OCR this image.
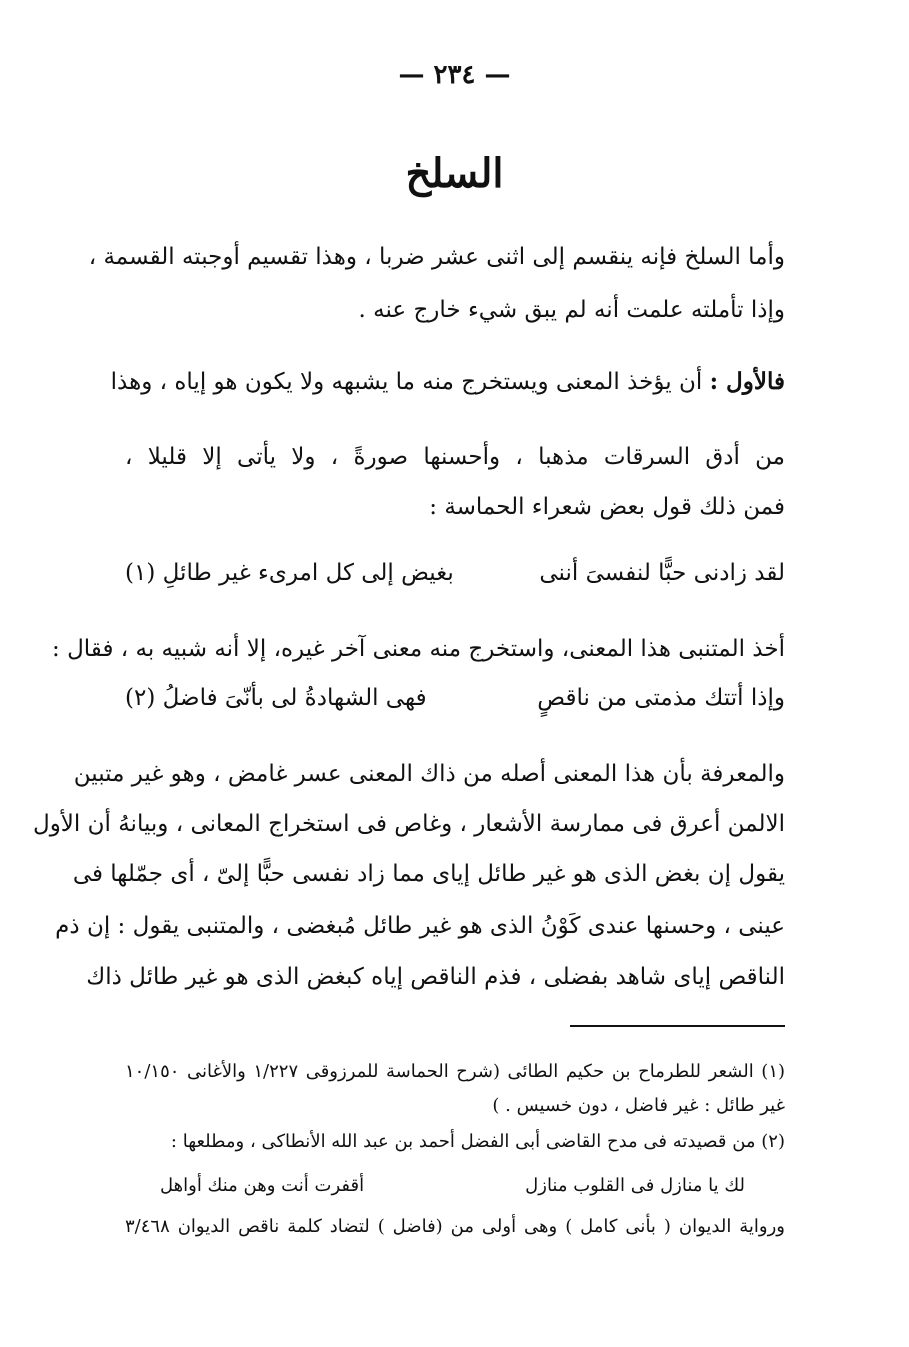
— ٢٣٤ —
السلخ
وأما السلخ فإنه ينقسم إلى اثنى عشر ضربا ، وهذا تقسيم أوجبته القسمة ،
وإذا تأملته علمت أنه لم يبق شيء خارج عنه .
فالأول : أن يؤخذ المعنى ويستخرج منه ما يشبهه ولا يكون هو إياه ، وهذا
من أدق السرقات مذهبا ، وأحسنها صورةً ، ولا يأتى إلا قليلا ،
فمن ذلك قول بعض شعراء الحماسة :
لقد زادنى حبًّا لنفسىَ أننى
بغيض إلى كل امرىء غير طائلِ (١)
أخذ المتنبى هذا المعنى، واستخرج منه معنى آخر غيره، إلا أنه شبيه به ، فقال :
وإذا أتتك مذمتى من ناقصٍ
فهى الشهادةُ لى بأنّىَ فاضلُ (٢)
والمعرفة بأن هذا المعنى أصله من ذاك المعنى عسر غامض ، وهو غير متبين
الالمن أعرق فى ممارسة الأشعار ، وغاص فى استخراج المعانى ، وبيانهُ أن الأول
يقول إن بغض الذى هو غير طائل إياى مما زاد نفسى حبًّا إلىّ ، أى جمّلها فى
عينى ، وحسنها عندى كَوْنُ الذى هو غير طائل مُبغضى ، والمتنبى يقول : إن ذم
الناقص إياى شاهد بفضلى ، فذم الناقص إياه كبغض الذى هو غير طائل ذاك
(١) الشعر للطرماح بن حكيم الطائى (شرح الحماسة للمرزوقى ١/٢٢٧ والأغانى ١٠/١٥٠
غير طائل : غير فاضل ، دون خسيس . )
(٢) من قصيدته فى مدح القاضى أبى الفضل أحمد بن عبد الله الأنطاكى ، ومطلعها :
لك يا منازل فى القلوب منازل
أقفرت أنت وهن منك أواهل
ورواية الديوان ( بأنى كامل ) وهى أولى من (فاضل ) لتضاد كلمة ناقص الديوان ٣/٤٦٨
